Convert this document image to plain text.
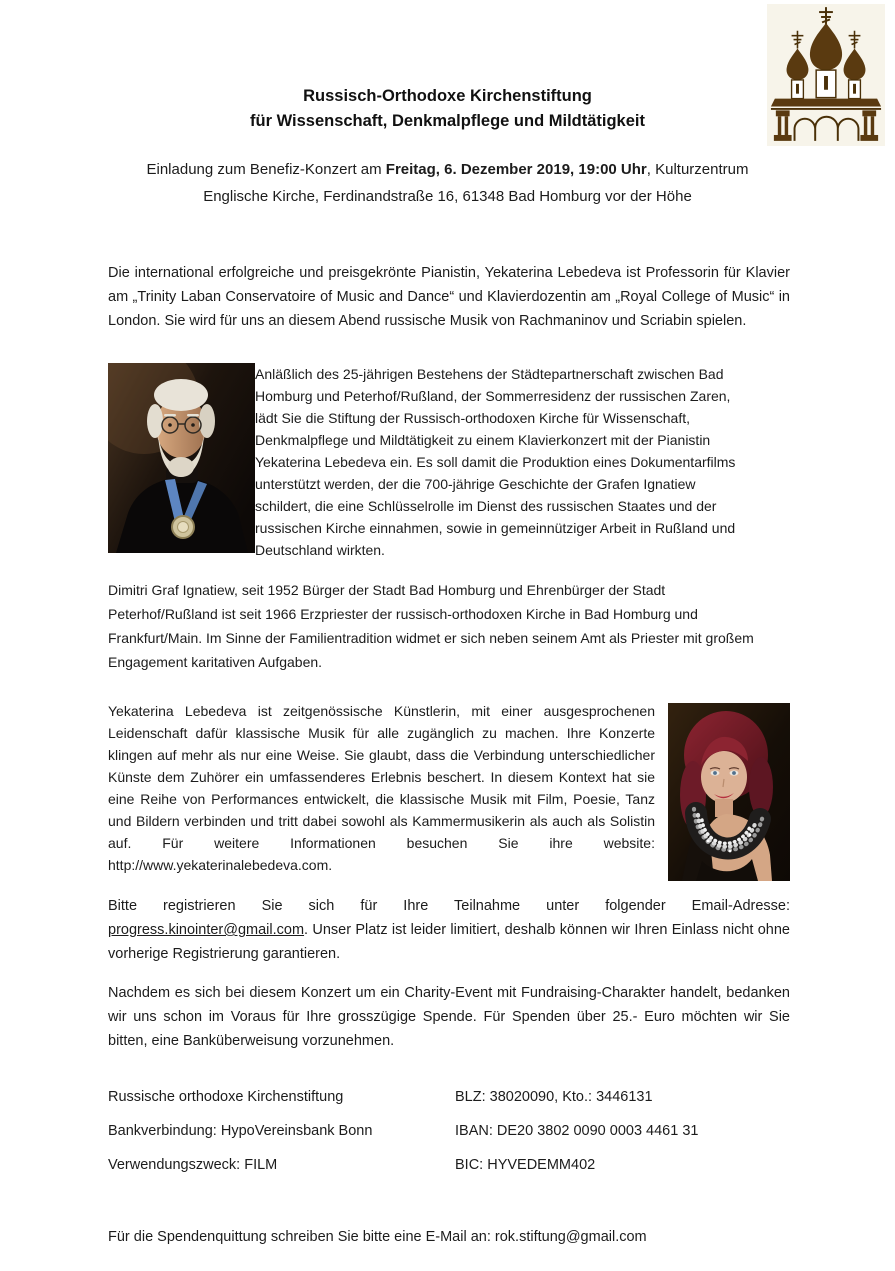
Russisch-Orthodoxe Kirchenstiftung
für Wissenschaft, Denkmalpflege und Mildtätigkeit
Einladung zum Benefiz-Konzert am Freitag, 6. Dezember 2019, 19:00 Uhr, Kulturzentrum
Englische Kirche, Ferdinandstraße 16, 61348 Bad Homburg vor der Höhe

Die international erfolgreiche und preisgekrönte Pianistin, Yekaterina Lebedeva ist Professorin für Klavier am „Trinity Laban Conservatoire of Music and Dance“ und Klavierdozentin am „Royal College of Music“ in London. Sie wird für uns an diesem Abend russische Musik von Rachmaninov und Scriabin spielen.

Anläßlich des 25-jährigen Bestehens der Städtepartnerschaft zwischen Bad Homburg und Peterhof/Rußland, der Sommerresidenz der russischen Zaren, lädt Sie die Stiftung der Russisch-orthodoxen Kirche für Wissenschaft, Denkmalpflege und Mildtätigkeit zu einem Klavierkonzert mit der Pianistin Yekaterina Lebedeva ein. Es soll damit die Produktion eines Dokumentarfilms unterstützt werden, der die 700-jährige Geschichte der Grafen Ignatiew schildert, die eine Schlüsselrolle im Dienst des russischen Staates und der russischen Kirche einnahmen, sowie in gemeinnütziger Arbeit in Rußland und Deutschland wirkten.

Dimitri Graf Ignatiew, seit 1952 Bürger der Stadt Bad Homburg und Ehrenbürger der Stadt Peterhof/Rußland ist seit 1966 Erzpriester der russisch-orthodoxen Kirche in Bad Homburg und Frankfurt/Main. Im Sinne der Familientradition widmet er sich neben seinem Amt als Priester mit großem Engagement karitativen Aufgaben.

Yekaterina Lebedeva ist zeitgenössische Künstlerin, mit einer ausgesprochenen Leidenschaft dafür klassische Musik für alle zugänglich zu machen. Ihre Konzerte klingen auf mehr als nur eine Weise. Sie glaubt, dass die Verbindung unterschiedlicher Künste dem Zuhörer ein umfassenderes Erlebnis beschert. In diesem Kontext hat sie eine Reihe von Performances entwickelt, die klassische Musik mit Film, Poesie, Tanz und Bildern verbinden und tritt dabei sowohl als Kammermusikerin als auch als Solistin auf. Für weitere Informationen besuchen Sie ihre website: http://www.yekaterinalebedeva.com.

Bitte registrieren Sie sich für Ihre Teilnahme unter folgender Email-Adresse: progress.kinointer@gmail.com. Unser Platz ist leider limitiert, deshalb können wir Ihren Einlass nicht ohne vorherige Registrierung garantieren.

Nachdem es sich bei diesem Konzert um ein Charity-Event mit Fundraising-Charakter handelt, bedanken wir uns schon im Voraus für Ihre grosszügige Spende. Für Spenden über 25.- Euro möchten wir Sie bitten, eine Banküberweisung vorzunehmen.

Russische orthodoxe Kirchenstiftung	BLZ: 38020090, Kto.: 3446131
Bankverbindung: HypoVereinsbank Bonn	IBAN: DE20 3802 0090 0003 4461 31
Verwendungszweck: FILM	BIC: HYVEDEMM402
Für die Spendenquittung schreiben Sie bitte eine E-Mail an: rok.stiftung@gmail.com
